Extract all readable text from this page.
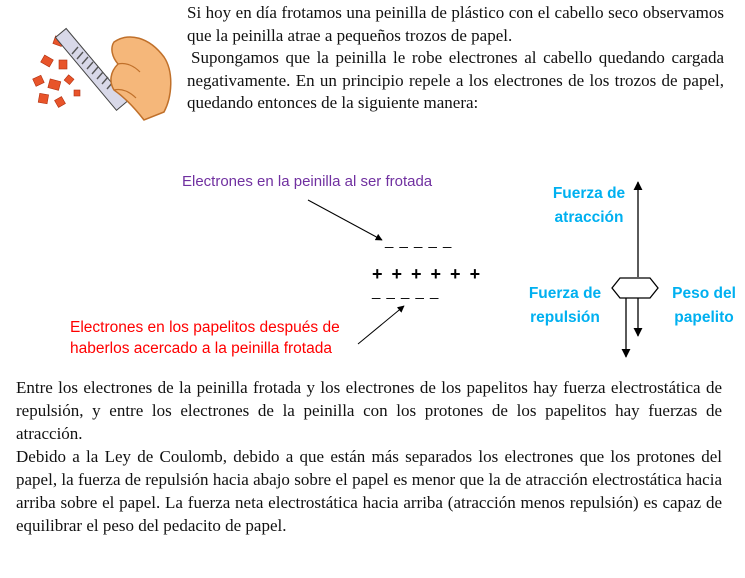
Si hoy en día frotamos una peinilla de plástico con el cabello seco observamos que la peinilla atrae a pequeños trozos de papel.

Supongamos que la peinilla le robe electrones al cabello quedando cargada negativamente. En un principio repele a los electrones de los trozos de papel, quedando entonces de la siguiente manera:

Electrones en la peinilla al ser frotada
Electrones en los papelitos después de haberlos acercado a la peinilla frotada
_ _ _ _ _
+ + + + + +
_ _ _ _ _
Fuerza de atracción
Fuerza de repulsión
Peso del papelito

Entre los electrones de la peinilla frotada y los electrones de los papelitos hay fuerza electrostática de repulsión, y entre los electrones de la peinilla con los protones de los papelitos hay fuerzas de atracción.

Debido a la Ley de Coulomb, debido a que están más separados los electrones que los protones del papel, la fuerza de repulsión hacia abajo sobre el papel es menor que la de atracción electrostática hacia arriba sobre el papel. La fuerza neta electrostática hacia arriba (atracción menos repulsión) es capaz de equilibrar el peso del pedacito de papel.
